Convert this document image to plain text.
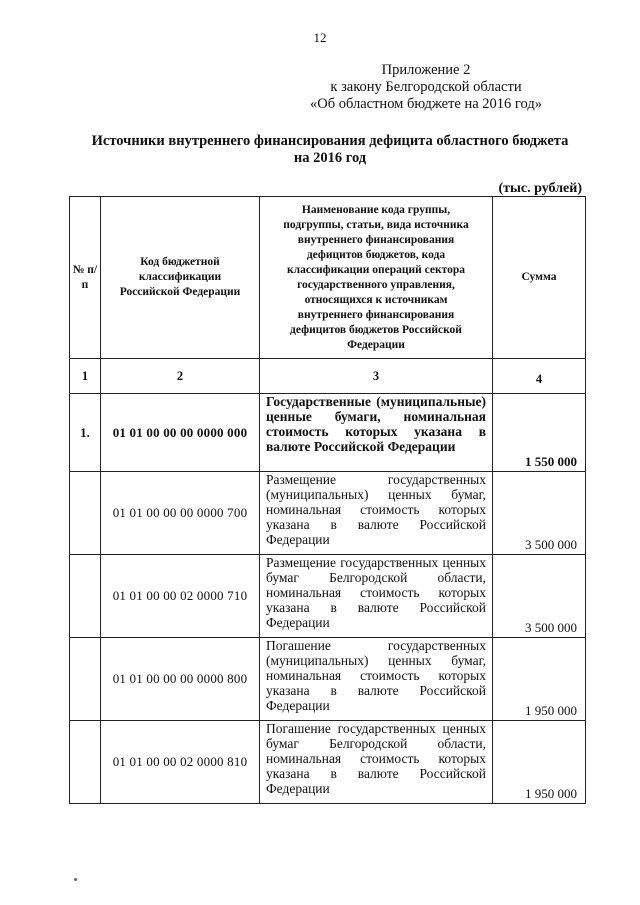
12
Приложение 2
к закону Белгородской области
«Об областном бюджете на 2016 год»
Источники внутреннего финансирования дефицита областного бюджета
на 2016 год
(тыс. рублей)
№ п/п	Код бюджетной классификации Российской Федерации	Наименование кода группы, подгруппы, статьи, вида источника внутреннего финансирования дефицитов бюджетов, кода классификации операций сектора государственного управления, относящихся к источникам внутреннего финансирования дефицитов бюджетов Российской Федерации	Сумма
1	2	3	4
1.	01 01 00 00 00 0000 000	Государственные (муниципальные) ценные бумаги, номинальная стоимость которых указана в валюте Российской Федерации	1 550 000
	01 01 00 00 00 0000 700	Размещение государственных (муниципальных) ценных бумаг, номинальная стоимость которых указана в валюте Российской Федерации	3 500 000
	01 01 00 00 02 0000 710	Размещение государственных ценных бумаг Белгородской области, номинальная стоимость которых указана в валюте Российской Федерации	3 500 000
	01 01 00 00 00 0000 800	Погашение государственных (муниципальных) ценных бумаг, номинальная стоимость которых указана в валюте Российской Федерации	1 950 000
	01 01 00 00 02 0000 810	Погашение государственных ценных бумаг Белгородской области, номинальная стоимость которых указана в валюте Российской Федерации	1 950 000
